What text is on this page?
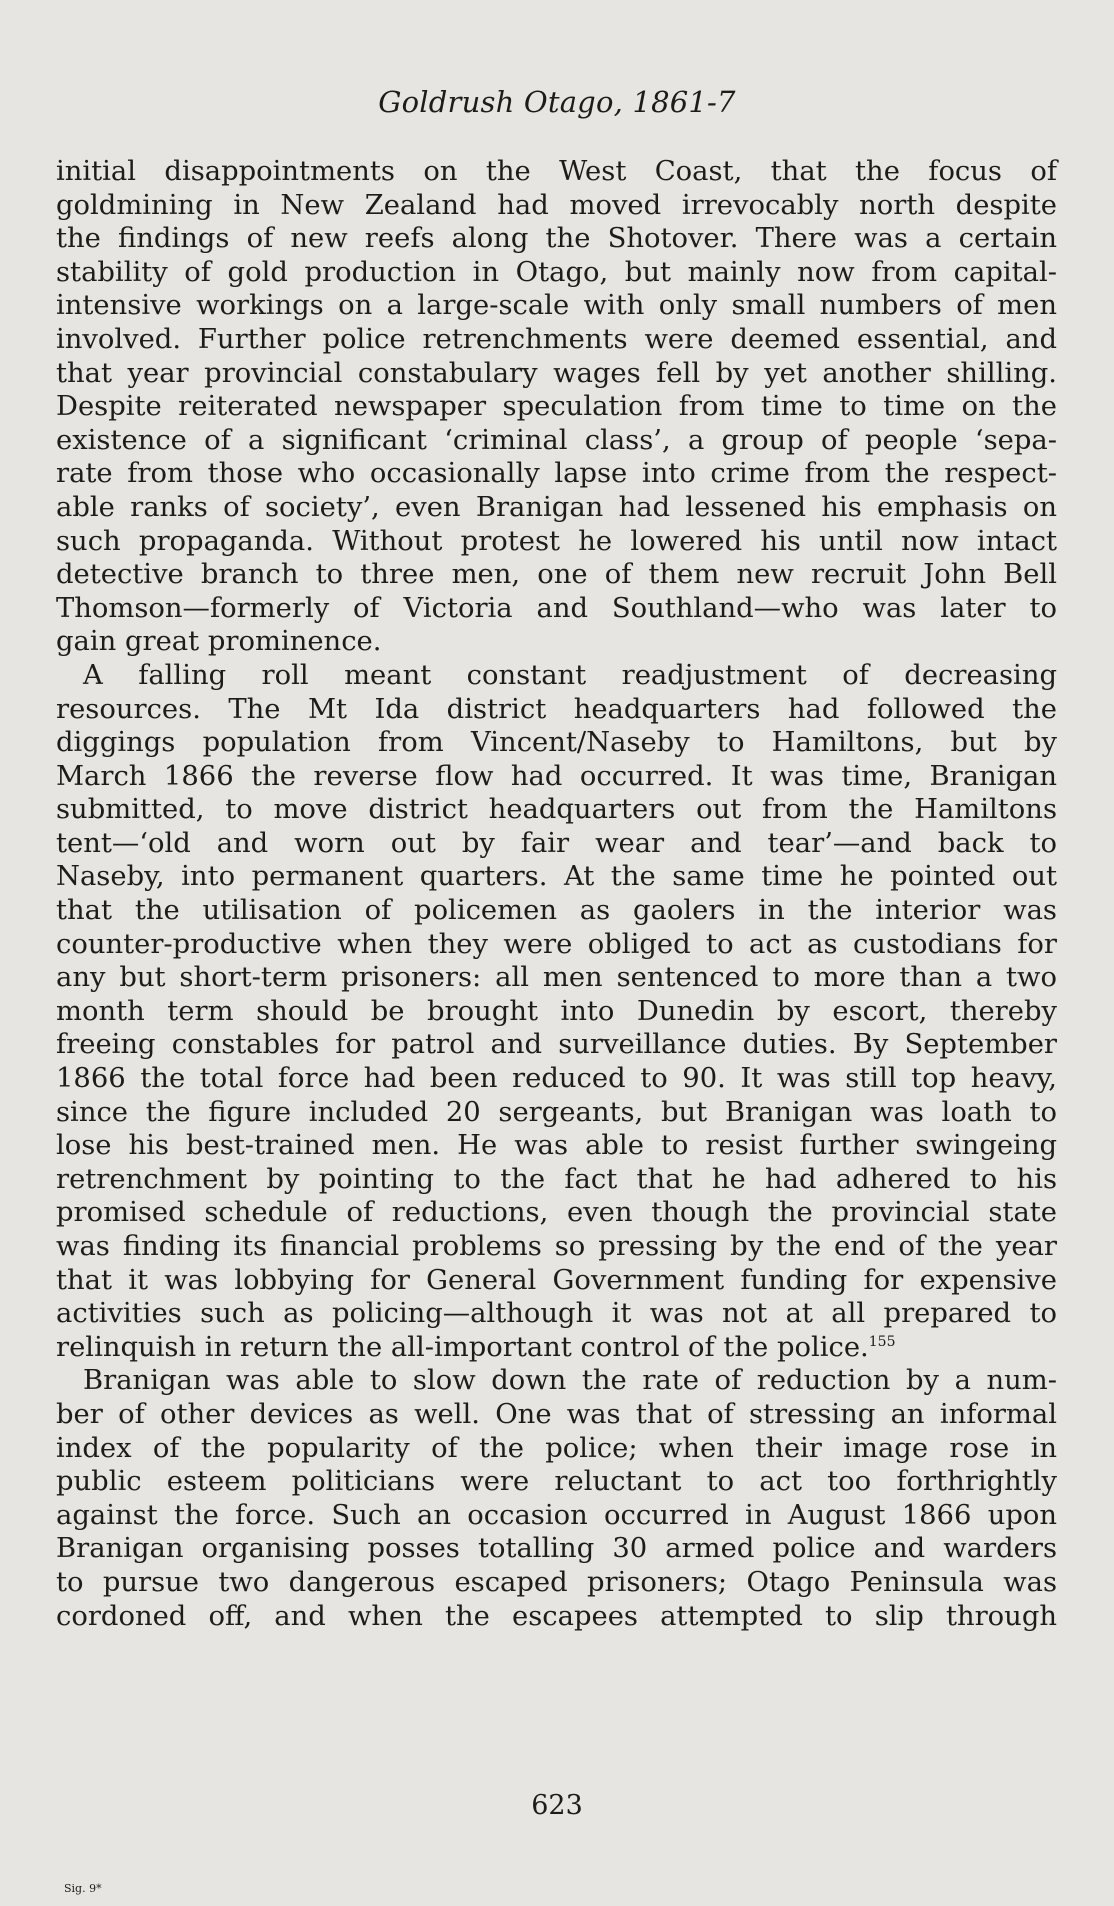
Goldrush Otago, 1861-7
initial disappointments on the West Coast, that the focus of
goldmining in New Zealand had moved irrevocably north despite
the findings of new reefs along the Shotover. There was a certain
stability of gold production in Otago, but mainly now from capital-
intensive workings on a large-scale with only small numbers of men
involved. Further police retrenchments were deemed essential, and
that year provincial constabulary wages fell by yet another shilling.
Despite reiterated newspaper speculation from time to time on the
existence of a significant ‘criminal class’, a group of people ‘sepa-
rate from those who occasionally lapse into crime from the respect-
able ranks of society’, even Branigan had lessened his emphasis on
such propaganda. Without protest he lowered his until now intact
detective branch to three men, one of them new recruit John Bell
Thomson—formerly of Victoria and Southland—who was later to
gain great prominence.
A falling roll meant constant readjustment of decreasing
resources. The Mt Ida district headquarters had followed the
diggings population from Vincent/Naseby to Hamiltons, but by
March 1866 the reverse flow had occurred. It was time, Branigan
submitted, to move district headquarters out from the Hamiltons
tent—‘old and worn out by fair wear and tear’—and back to
Naseby, into permanent quarters. At the same time he pointed out
that the utilisation of policemen as gaolers in the interior was
counter-productive when they were obliged to act as custodians for
any but short-term prisoners: all men sentenced to more than a two
month term should be brought into Dunedin by escort, thereby
freeing constables for patrol and surveillance duties. By September
1866 the total force had been reduced to 90. It was still top heavy,
since the figure included 20 sergeants, but Branigan was loath to
lose his best-trained men. He was able to resist further swingeing
retrenchment by pointing to the fact that he had adhered to his
promised schedule of reductions, even though the provincial state
was finding its financial problems so pressing by the end of the year
that it was lobbying for General Government funding for expensive
activities such as policing—although it was not at all prepared to
relinquish in return the all-important control of the police.$^{155}$
Branigan was able to slow down the rate of reduction by a num-
ber of other devices as well. One was that of stressing an informal
index of the popularity of the police; when their image rose in
public esteem politicians were reluctant to act too forthrightly
against the force. Such an occasion occurred in August 1866 upon
Branigan organising posses totalling 30 armed police and warders
to pursue two dangerous escaped prisoners; Otago Peninsula was
cordoned off, and when the escapees attempted to slip through
623
Sig. 9*
